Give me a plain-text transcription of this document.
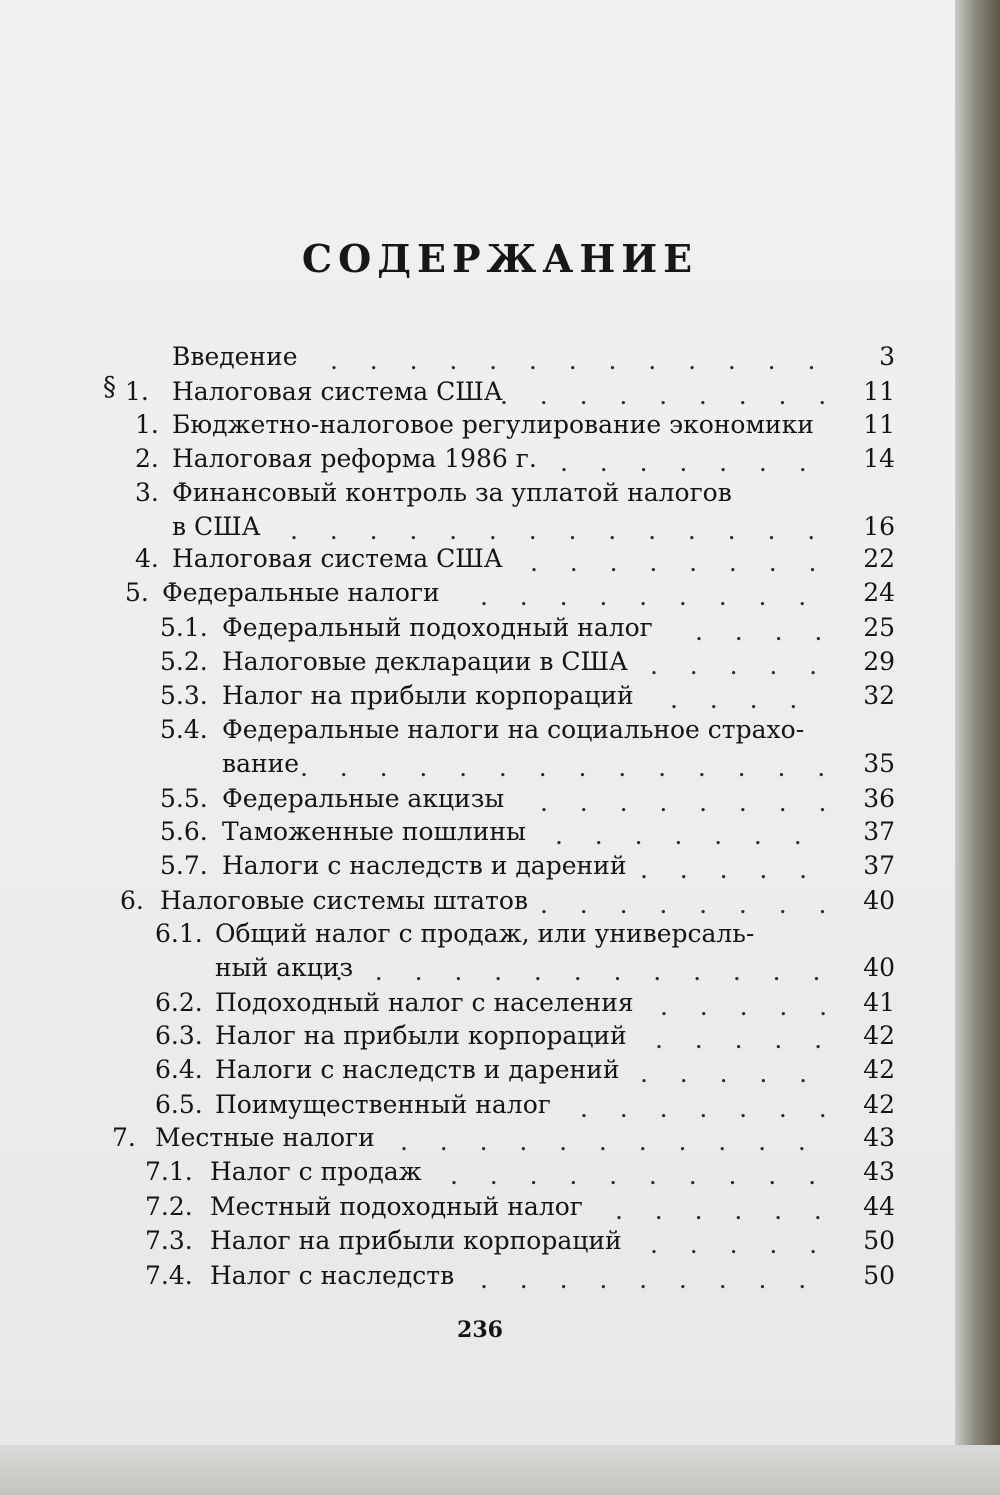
СОДЕРЖАНИЕ
§
Введение . .	3
1. Налоговая система США . .	11
1. Бюджетно-налоговое регулирование экономики	11
2. Налоговая реформа 1986 г. . .	14
3. Финансовый контроль за уплатой налогов
в США . .	16
4. Налоговая система США . .	22
5. Федеральные налоги . .	24
5.1. Федеральный подоходный налог . .	25
5.2. Налоговые декларации в США . .	29
5.3. Налог на прибыли корпораций . .	32
5.4. Федеральные налоги на социальное страхо-
вание . .	35
5.5. Федеральные акцизы . .	36
5.6. Таможенные пошлины . .	37
5.7. Налоги с наследств и дарений . .	37
6. Налоговые системы штатов . .	40
6.1. Общий налог с продаж, или универсаль-
ный акциз . .	40
6.2. Подоходный налог с населения . .	41
6.3. Налог на прибыли корпораций . .	42
6.4. Налоги с наследств и дарений . .	42
6.5. Поимущественный налог . .	42
7. Местные налоги . .	43
7.1. Налог с продаж . .	43
7.2. Местный подоходный налог . .	44
7.3. Налог на прибыли корпораций . .	50
7.4. Налог с наследств . .	50
236
